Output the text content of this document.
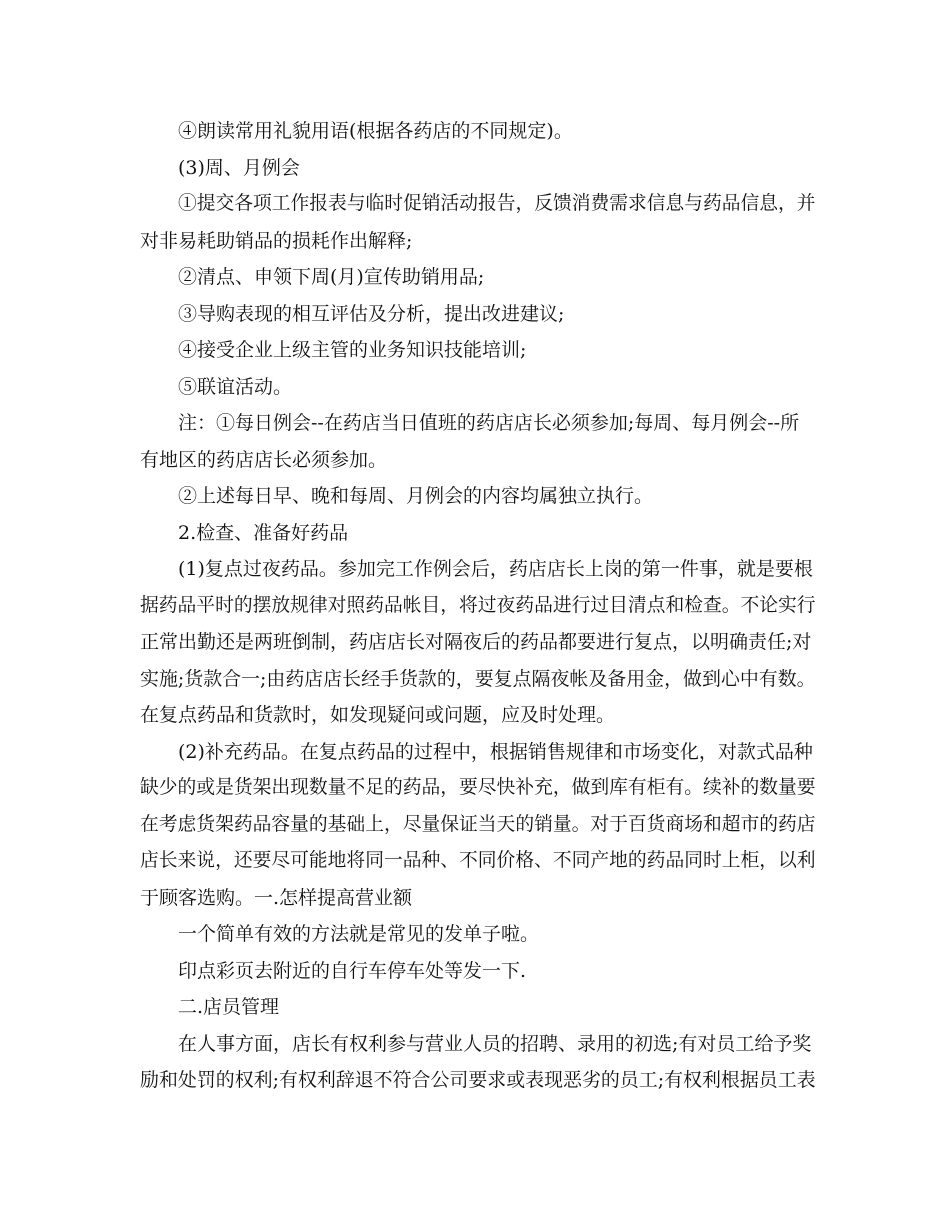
④朗读常用礼貌用语(根据各药店的不同规定)。
(3)周、月例会
①提交各项工作报表与临时促销活动报告，反馈消费需求信息与药品信息，并
对非易耗助销品的损耗作出解释;
②清点、申领下周(月)宣传助销用品;
③导购表现的相互评估及分析，提出改进建议;
④接受企业上级主管的业务知识技能培训;
⑤联谊活动。
注：①每日例会--在药店当日值班的药店店长必须参加;每周、每月例会--所
有地区的药店店长必须参加。
②上述每日早、晚和每周、月例会的内容均属独立执行。
2.检查、准备好药品
(1)复点过夜药品。参加完工作例会后，药店店长上岗的第一件事，就是要根
据药品平时的摆放规律对照药品帐目，将过夜药品进行过目清点和检查。不论实行
正常出勤还是两班倒制，药店店长对隔夜后的药品都要进行复点，以明确责任;对
实施;货款合一;由药店店长经手货款的，要复点隔夜帐及备用金，做到心中有数。
在复点药品和货款时，如发现疑问或问题，应及时处理。
(2)补充药品。在复点药品的过程中，根据销售规律和市场变化，对款式品种
缺少的或是货架出现数量不足的药品，要尽快补充，做到库有柜有。续补的数量要
在考虑货架药品容量的基础上，尽量保证当天的销量。对于百货商场和超市的药店
店长来说，还要尽可能地将同一品种、不同价格、不同产地的药品同时上柜，以利
于顾客选购。一.怎样提高营业额
一个简单有效的方法就是常见的发单子啦。
印点彩页去附近的自行车停车处等发一下.
二.店员管理
在人事方面，店长有权利参与营业人员的招聘、录用的初选;有对员工给予奖
励和处罚的权利;有权利辞退不符合公司要求或表现恶劣的员工;有权利根据员工表
